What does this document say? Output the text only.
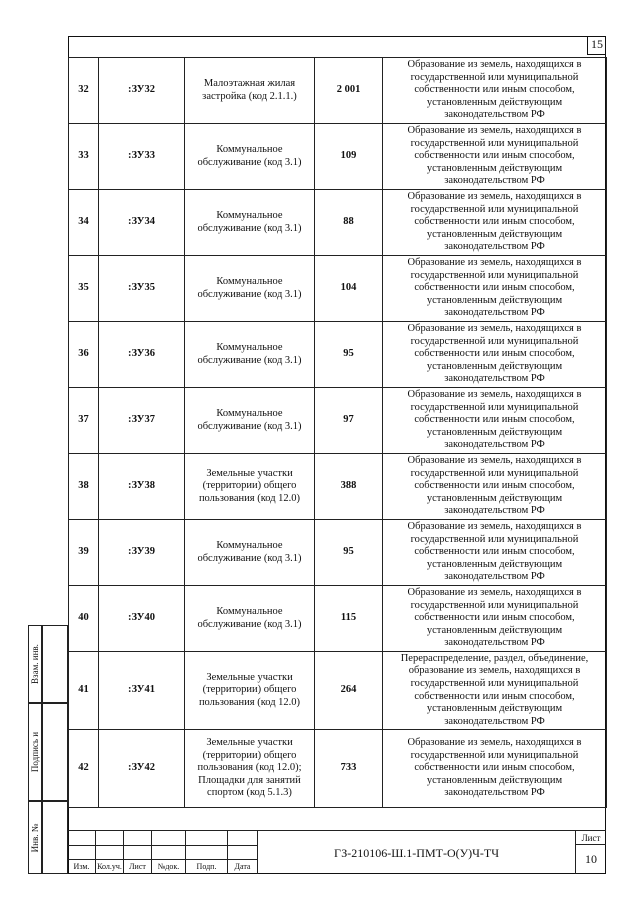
15
32	:ЗУ32	Малоэтажная жилая застройка (код 2.1.1.)	2 001	Образование из земель, находящихся в государственной или муниципальной собственности или иным способом, установленным действующим законодательством РФ
33	:ЗУ33	Коммунальное обслуживание (код 3.1)	109	Образование из земель, находящихся в государственной или муниципальной собственности или иным способом, установленным действующим законодательством РФ
34	:ЗУ34	Коммунальное обслуживание (код 3.1)	88	Образование из земель, находящихся в государственной или муниципальной собственности или иным способом, установленным действующим законодательством РФ
35	:ЗУ35	Коммунальное обслуживание (код 3.1)	104	Образование из земель, находящихся в государственной или муниципальной собственности или иным способом, установленным действующим законодательством РФ
36	:ЗУ36	Коммунальное обслуживание (код 3.1)	95	Образование из земель, находящихся в государственной или муниципальной собственности или иным способом, установленным действующим законодательством РФ
37	:ЗУ37	Коммунальное обслуживание (код 3.1)	97	Образование из земель, находящихся в государственной или муниципальной собственности или иным способом, установленным действующим законодательством РФ
38	:ЗУ38	Земельные участки (территории) общего пользования (код 12.0)	388	Образование из земель, находящихся в государственной или муниципальной собственности или иным способом, установленным действующим законодательством РФ
39	:ЗУ39	Коммунальное обслуживание (код 3.1)	95	Образование из земель, находящихся в государственной или муниципальной собственности или иным способом, установленным действующим законодательством РФ
40	:ЗУ40	Коммунальное обслуживание (код 3.1)	115	Образование из земель, находящихся в государственной или муниципальной собственности или иным способом, установленным действующим законодательством РФ
41	:ЗУ41	Земельные участки (территории) общего пользования (код 12.0)	264	Перераспределение, раздел, объединение, образование из земель, находящихся в государственной или муниципальной собственности или иным способом, установленным действующим законодательством РФ
42	:ЗУ42	Земельные участки (территории) общего пользования (код 12.0); Площадки для занятий спортом (код 5.1.3)	733	Образование из земель, находящихся в государственной или муниципальной собственности или иным способом, установленным действующим законодательством РФ
Взам. инв.
Подпись и
Инв. №
Изм. Кол.уч. Лист	№док.	Подп.	Дата
ГЗ-210106-Ш.1-ПМТ-О(У)Ч-ТЧ
Лист
10
